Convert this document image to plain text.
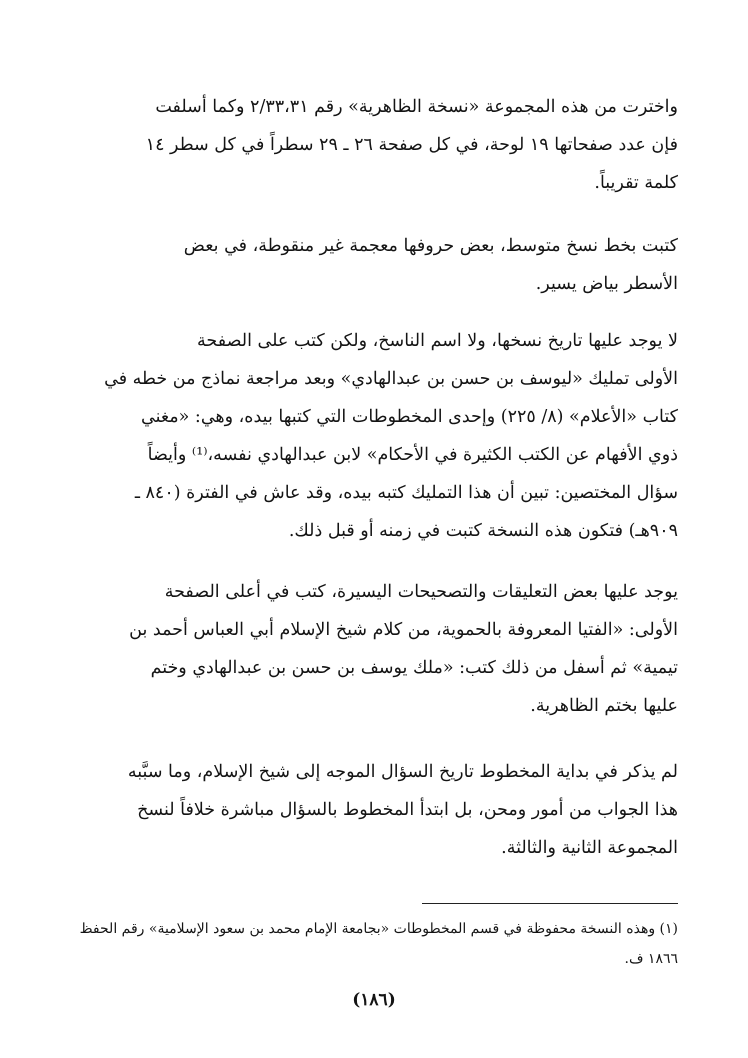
واخترت من هذه المجموعة «نسخة الظاهرية» رقم ٢/٣٣،٣١ وكما أسلفت
فإن عدد صفحاتها ١٩ لوحة، في كل صفحة ٢٦ ـ ٢٩ سطراً في كل سطر ١٤
كلمة تقريباً.
كتبت بخط نسخ متوسط، بعض حروفها معجمة غير منقوطة، في بعض
الأسطر بياض يسير.
لا يوجد عليها تاريخ نسخها، ولا اسم الناسخ، ولكن كتب على الصفحة
الأولى تمليك «ليوسف بن حسن بن عبدالهادي» وبعد مراجعة نماذج من خطه في
كتاب «الأعلام» (٨/ ٢٢٥) وإحدى المخطوطات التي كتبها بيده، وهي: «مغني
ذوي الأفهام عن الكتب الكثيرة في الأحكام» لابن عبدالهادي نفسه،⁽¹⁾ وأيضاً
سؤال المختصين: تبين أن هذا التمليك كتبه بيده، وقد عاش في الفترة (٨٤٠ ـ
٩٠٩هـ) فتكون هذه النسخة كتبت في زمنه أو قبل ذلك.
يوجد عليها بعض التعليقات والتصحيحات اليسيرة، كتب في أعلى الصفحة
الأولى: «الفتيا المعروفة بالحموية، من كلام شيخ الإسلام أبي العباس أحمد بن
تيمية» ثم أسفل من ذلك كتب: «ملك يوسف بن حسن بن عبدالهادي وختم
عليها بختم الظاهرية.
لم يذكر في بداية المخطوط تاريخ السؤال الموجه إلى شيخ الإسلام، وما سبَّبه
هذا الجواب من أمور ومحن، بل ابتدأ المخطوط بالسؤال مباشرة خلافاً لنسخ
المجموعة الثانية والثالثة.
(١) وهذه النسخة محفوظة في قسم المخطوطات «بجامعة الإمام محمد بن سعود الإسلامية» رقم الحفظ
١٨٦٦ ف.
(١٨٦)
